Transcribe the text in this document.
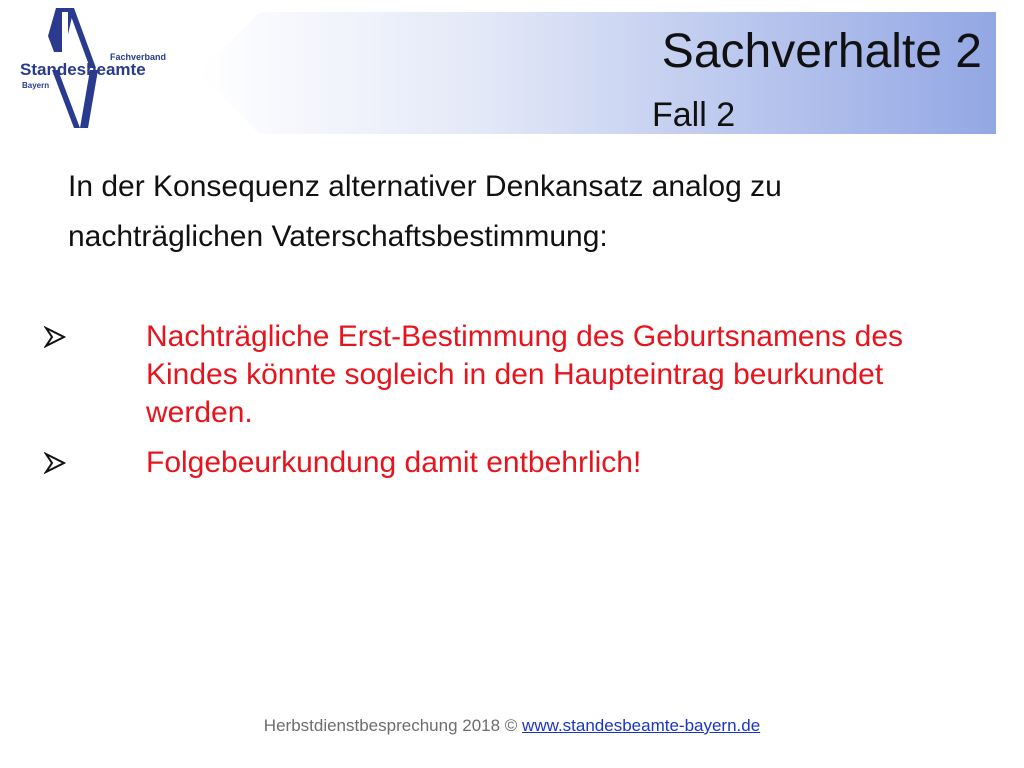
Fachverband
Standesbeamte
Bayern
Sachverhalte 2
Fall 2

In der Konsequenz alternativer Denkansatz analog zu

nachträglichen Vaterschaftsbestimmung:

Nachträgliche Erst-Bestimmung des Geburtsnamens des Kindes könnte sogleich in den Haupteintrag beurkundet werden.
Folgebeurkundung damit entbehrlich!
Herbstdienstbesprechung 2018 © www.standesbeamte-bayern.de
